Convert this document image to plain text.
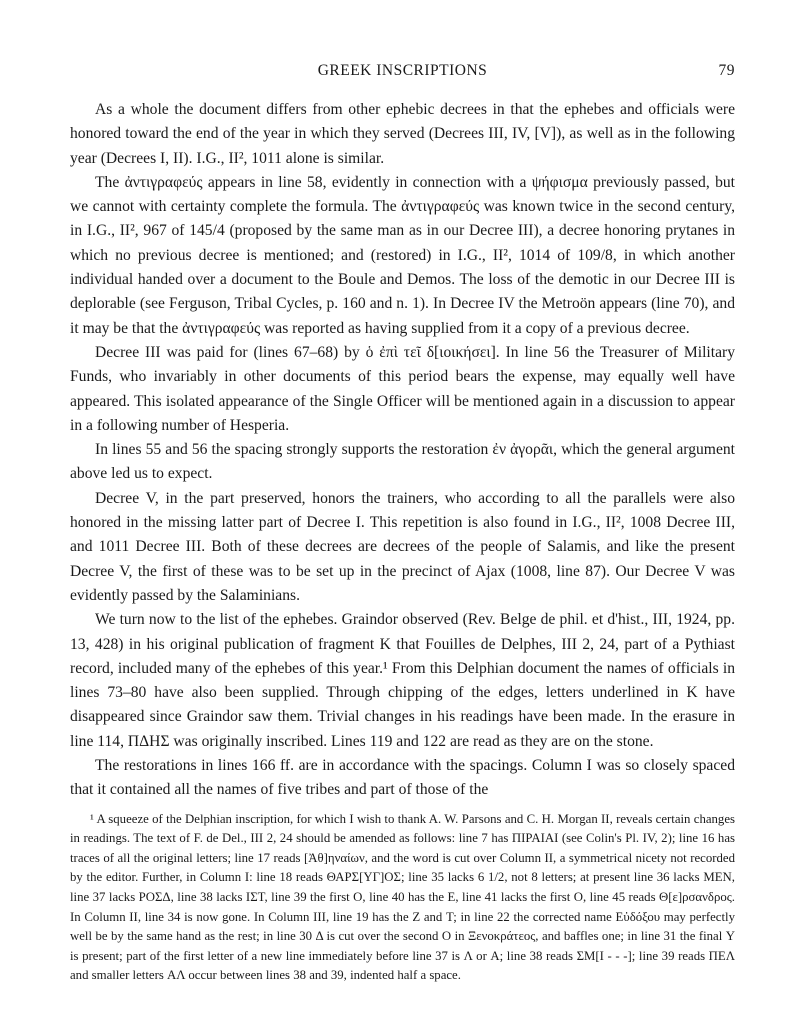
GREEK INSCRIPTIONS	79

As a whole the document differs from other ephebic decrees in that the ephebes and officials were honored toward the end of the year in which they served (Decrees III, IV, [V]), as well as in the following year (Decrees I, II). I.G., II², 1011 alone is similar.

The ἀντιγραφεύς appears in line 58, evidently in connection with a ψήφισμα previously passed, but we cannot with certainty complete the formula. The ἀντιγραφεύς was known twice in the second century, in I.G., II², 967 of 145/4 (proposed by the same man as in our Decree III), a decree honoring prytanes in which no previous decree is mentioned; and (restored) in I.G., II², 1014 of 109/8, in which another individual handed over a document to the Boule and Demos. The loss of the demotic in our Decree III is deplorable (see Ferguson, Tribal Cycles, p. 160 and n. 1). In Decree IV the Metroön appears (line 70), and it may be that the ἀντιγραφεύς was reported as having supplied from it a copy of a previous decree.

Decree III was paid for (lines 67–68) by ὁ ἐπὶ τεῖ δ[ιοικήσει]. In line 56 the Treasurer of Military Funds, who invariably in other documents of this period bears the expense, may equally well have appeared. This isolated appearance of the Single Officer will be mentioned again in a discussion to appear in a following number of Hesperia.

In lines 55 and 56 the spacing strongly supports the restoration ἐν ἀγορᾶι, which the general argument above led us to expect.

Decree V, in the part preserved, honors the trainers, who according to all the parallels were also honored in the missing latter part of Decree I. This repetition is also found in I.G., II², 1008 Decree III, and 1011 Decree III. Both of these decrees are decrees of the people of Salamis, and like the present Decree V, the first of these was to be set up in the precinct of Ajax (1008, line 87). Our Decree V was evidently passed by the Salaminians.

We turn now to the list of the ephebes. Graindor observed (Rev. Belge de phil. et d'hist., III, 1924, pp. 13, 428) in his original publication of fragment K that Fouilles de Delphes, III 2, 24, part of a Pythiast record, included many of the ephebes of this year.¹ From this Delphian document the names of officials in lines 73–80 have also been supplied. Through chipping of the edges, letters underlined in K have disappeared since Graindor saw them. Trivial changes in his readings have been made. In the erasure in line 114, ΠΔΗΣ was originally inscribed. Lines 119 and 122 are read as they are on the stone.

The restorations in lines 166 ff. are in accordance with the spacings. Column I was so closely spaced that it contained all the names of five tribes and part of those of the

¹ A squeeze of the Delphian inscription, for which I wish to thank A. W. Parsons and C. H. Morgan II, reveals certain changes in readings. The text of F. de Del., III 2, 24 should be amended as follows: line 7 has ΠΙΡΑΙΑΙ (see Colin's Pl. IV, 2); line 16 has traces of all the original letters; line 17 reads [Ἀθ]ηναίων, and the word is cut over Column II, a symmetrical nicety not recorded by the editor. Further, in Column I: line 18 reads ΘΑΡΣ[ΥΓ]ΟΣ; line 35 lacks 6 1/2, not 8 letters; at present line 36 lacks ΜΕΝ, line 37 lacks ΡΟΣΔ, line 38 lacks ΙΣΤ, line 39 the first O, line 40 has the E, line 41 lacks the first O, line 45 reads Θ[ε]ρσανδρος. In Column II, line 34 is now gone. In Column III, line 19 has the Z and Τ; in line 22 the corrected name Εὐδόξου may perfectly well be by the same hand as the rest; in line 30 Δ is cut over the second O in Ξενοκράτεος, and baffles one; in line 31 the final Υ is present; part of the first letter of a new line immediately before line 37 is Λ or Α; line 38 reads ΣΜ[Ι - - -]; line 39 reads ΠΕΛ and smaller letters ΑΛ occur between lines 38 and 39, indented half a space.
